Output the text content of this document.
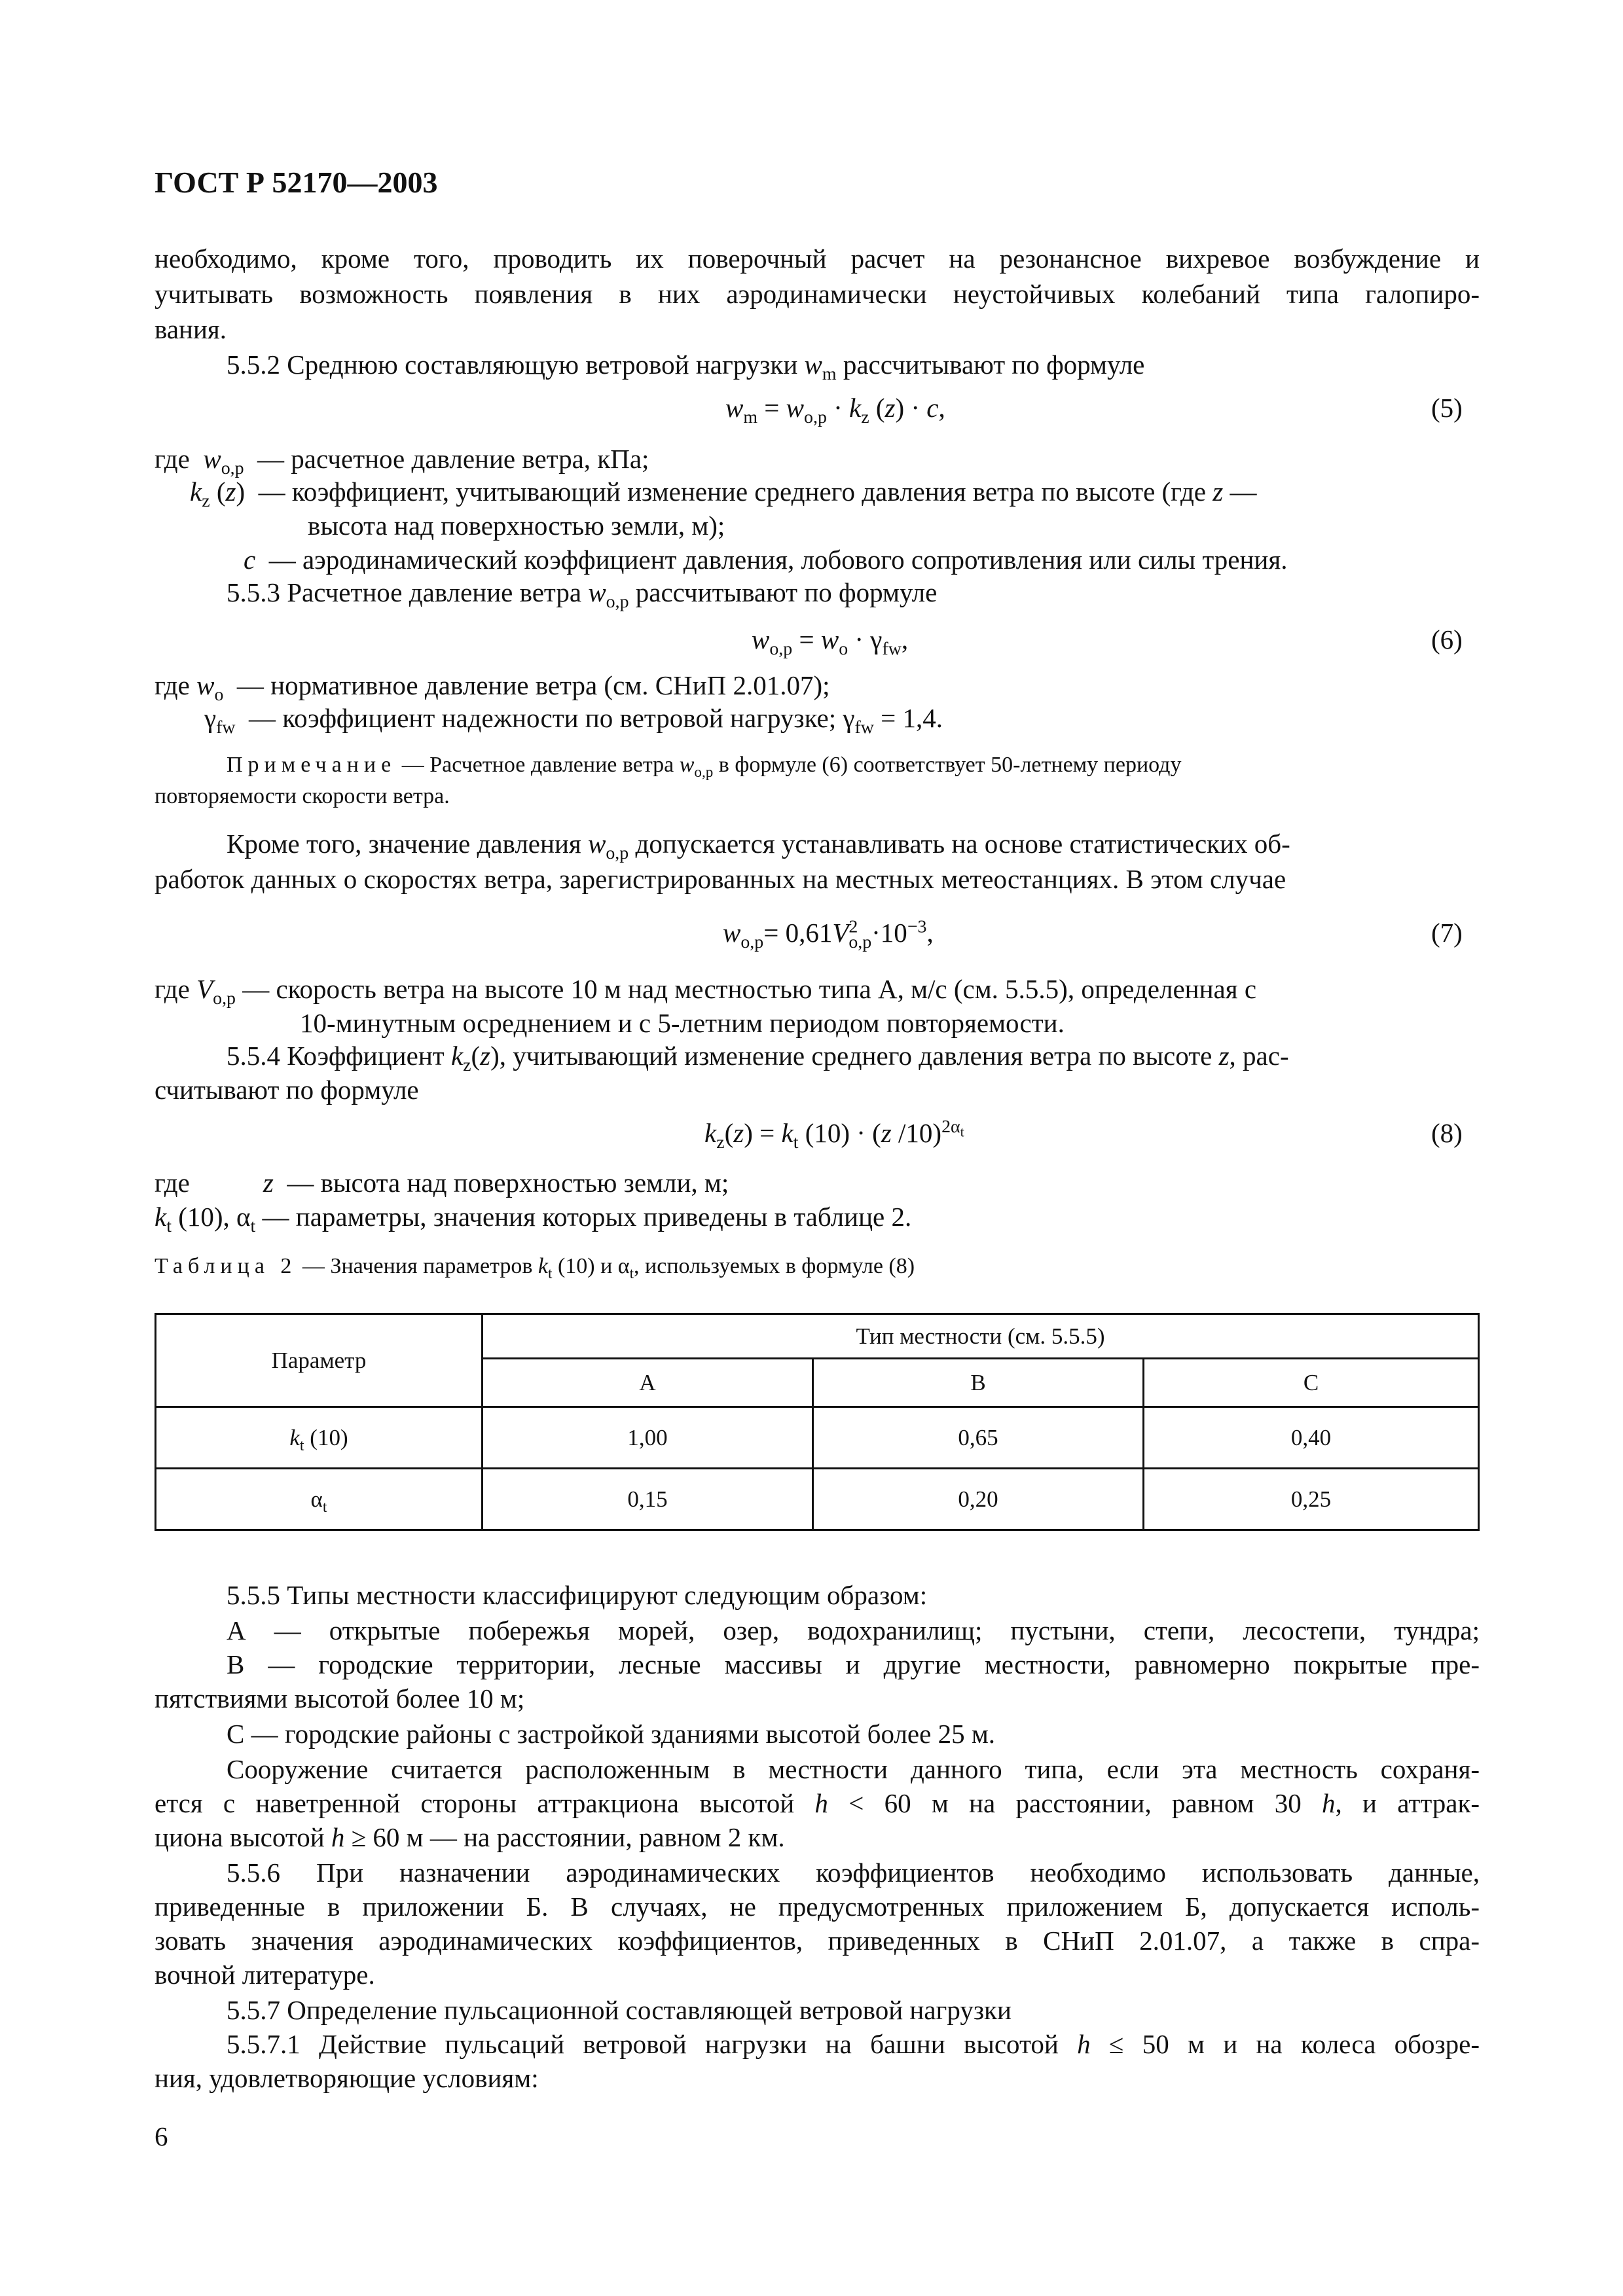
ГОСТ Р 52170—2003
необходимо, кроме того, проводить их поверочный расчет на резонансное вихревое возбуждение и
учитывать возможность появления в них аэродинамически неустойчивых колебаний типа галопиро-
вания.
5.5.2 Среднюю составляющую ветровой нагрузки $w_m$ рассчитывают по формуле
$w_m = w_{o,p} \cdot k_z$ (z) · c,	(5)
где $w_{o,p}$ — расчетное давление ветра, кПа;
$k_z$ (z)  — коэффициент, учитывающий изменение среднего давления ветра по высоте (где z —
высота над поверхностью земли, м);
c — аэродинамический коэффициент давления, лобового сопротивления или силы трения.
5.5.3 Расчетное давление ветра $w_{o,p}$ рассчитывают по формуле
$w_{o,p} = w_o \cdot \gamma_{fw}$,	(6)
где $w_o$ — нормативное давление ветра (см. СНиП 2.01.07);
$\gamma_{fw}$ — коэффициент надежности по ветровой нагрузке; $\gamma_{fw} = 1,4$.
Примечание — Расчетное давление ветра $w_{o,p}$ в формуле (6) соответствует 50-летнему периоду
повторяемости скорости ветра.
Кроме того, значение давления $w_{o,p}$ допускается устанавливать на основе статистических об-
работок данных о скоростях ветра, зарегистрированных на местных метеостанциях. В этом случае
$w_{o,p}= 0,61V^2_{o,p}\cdot 10^{-3}$,	(7)
где $V_{o,p}$ — скорость ветра на высоте 10 м над местностью типа А, м/с (см. 5.5.5), определенная с
10-минутным осреднением и с 5-летним периодом повторяемости.
5.5.4 Коэффициент $k_z(z)$, учитывающий изменение среднего давления ветра по высоте z, рас-
считывают по формуле
$k_z(z) = k_t$ (10) · (z /10)$^{2\alpha_t}$	(8)
где	z — высота над поверхностью земли, м;
$k_t$ (10), $\alpha_t$ — параметры, значения которых приведены в таблице 2.
Таблица 2 — Значения параметров $k_t$ (10) и $\alpha_t$, используемых в формуле (8)
Параметр	Тип местности (см. 5.5.5)		
	A	B	C
$k_t$ (10)	1,00	0,65	0,40
$\alpha_t$	0,15	0,20	0,25
5.5.5 Типы местности классифицируют следующим образом:
А — открытые побережья морей, озер, водохранилищ; пустыни, степи, лесостепи, тундра;
В — городские территории, лесные массивы и другие местности, равномерно покрытые пре-
пятствиями высотой более 10 м;
С — городские районы с застройкой зданиями высотой более 25 м.
Сооружение считается расположенным в местности данного типа, если эта местность сохраня-
ется с наветренной стороны аттракциона высотой h < 60 м на расстоянии, равном 30 h, и аттрак-
циона высотой h ≥ 60 м — на расстоянии, равном 2 км.
5.5.6 При назначении аэродинамических коэффициентов необходимо использовать данные,
приведенные в приложении Б. В случаях, не предусмотренных приложением Б, допускается исполь-
зовать значения аэродинамических коэффициентов, приведенных в СНиП 2.01.07, а также в спра-
вочной литературе.
5.5.7 Определение пульсационной составляющей ветровой нагрузки
5.5.7.1 Действие пульсаций ветровой нагрузки на башни высотой h ≤ 50 м и на колеса обозре-
ния, удовлетворяющие условиям:
6
